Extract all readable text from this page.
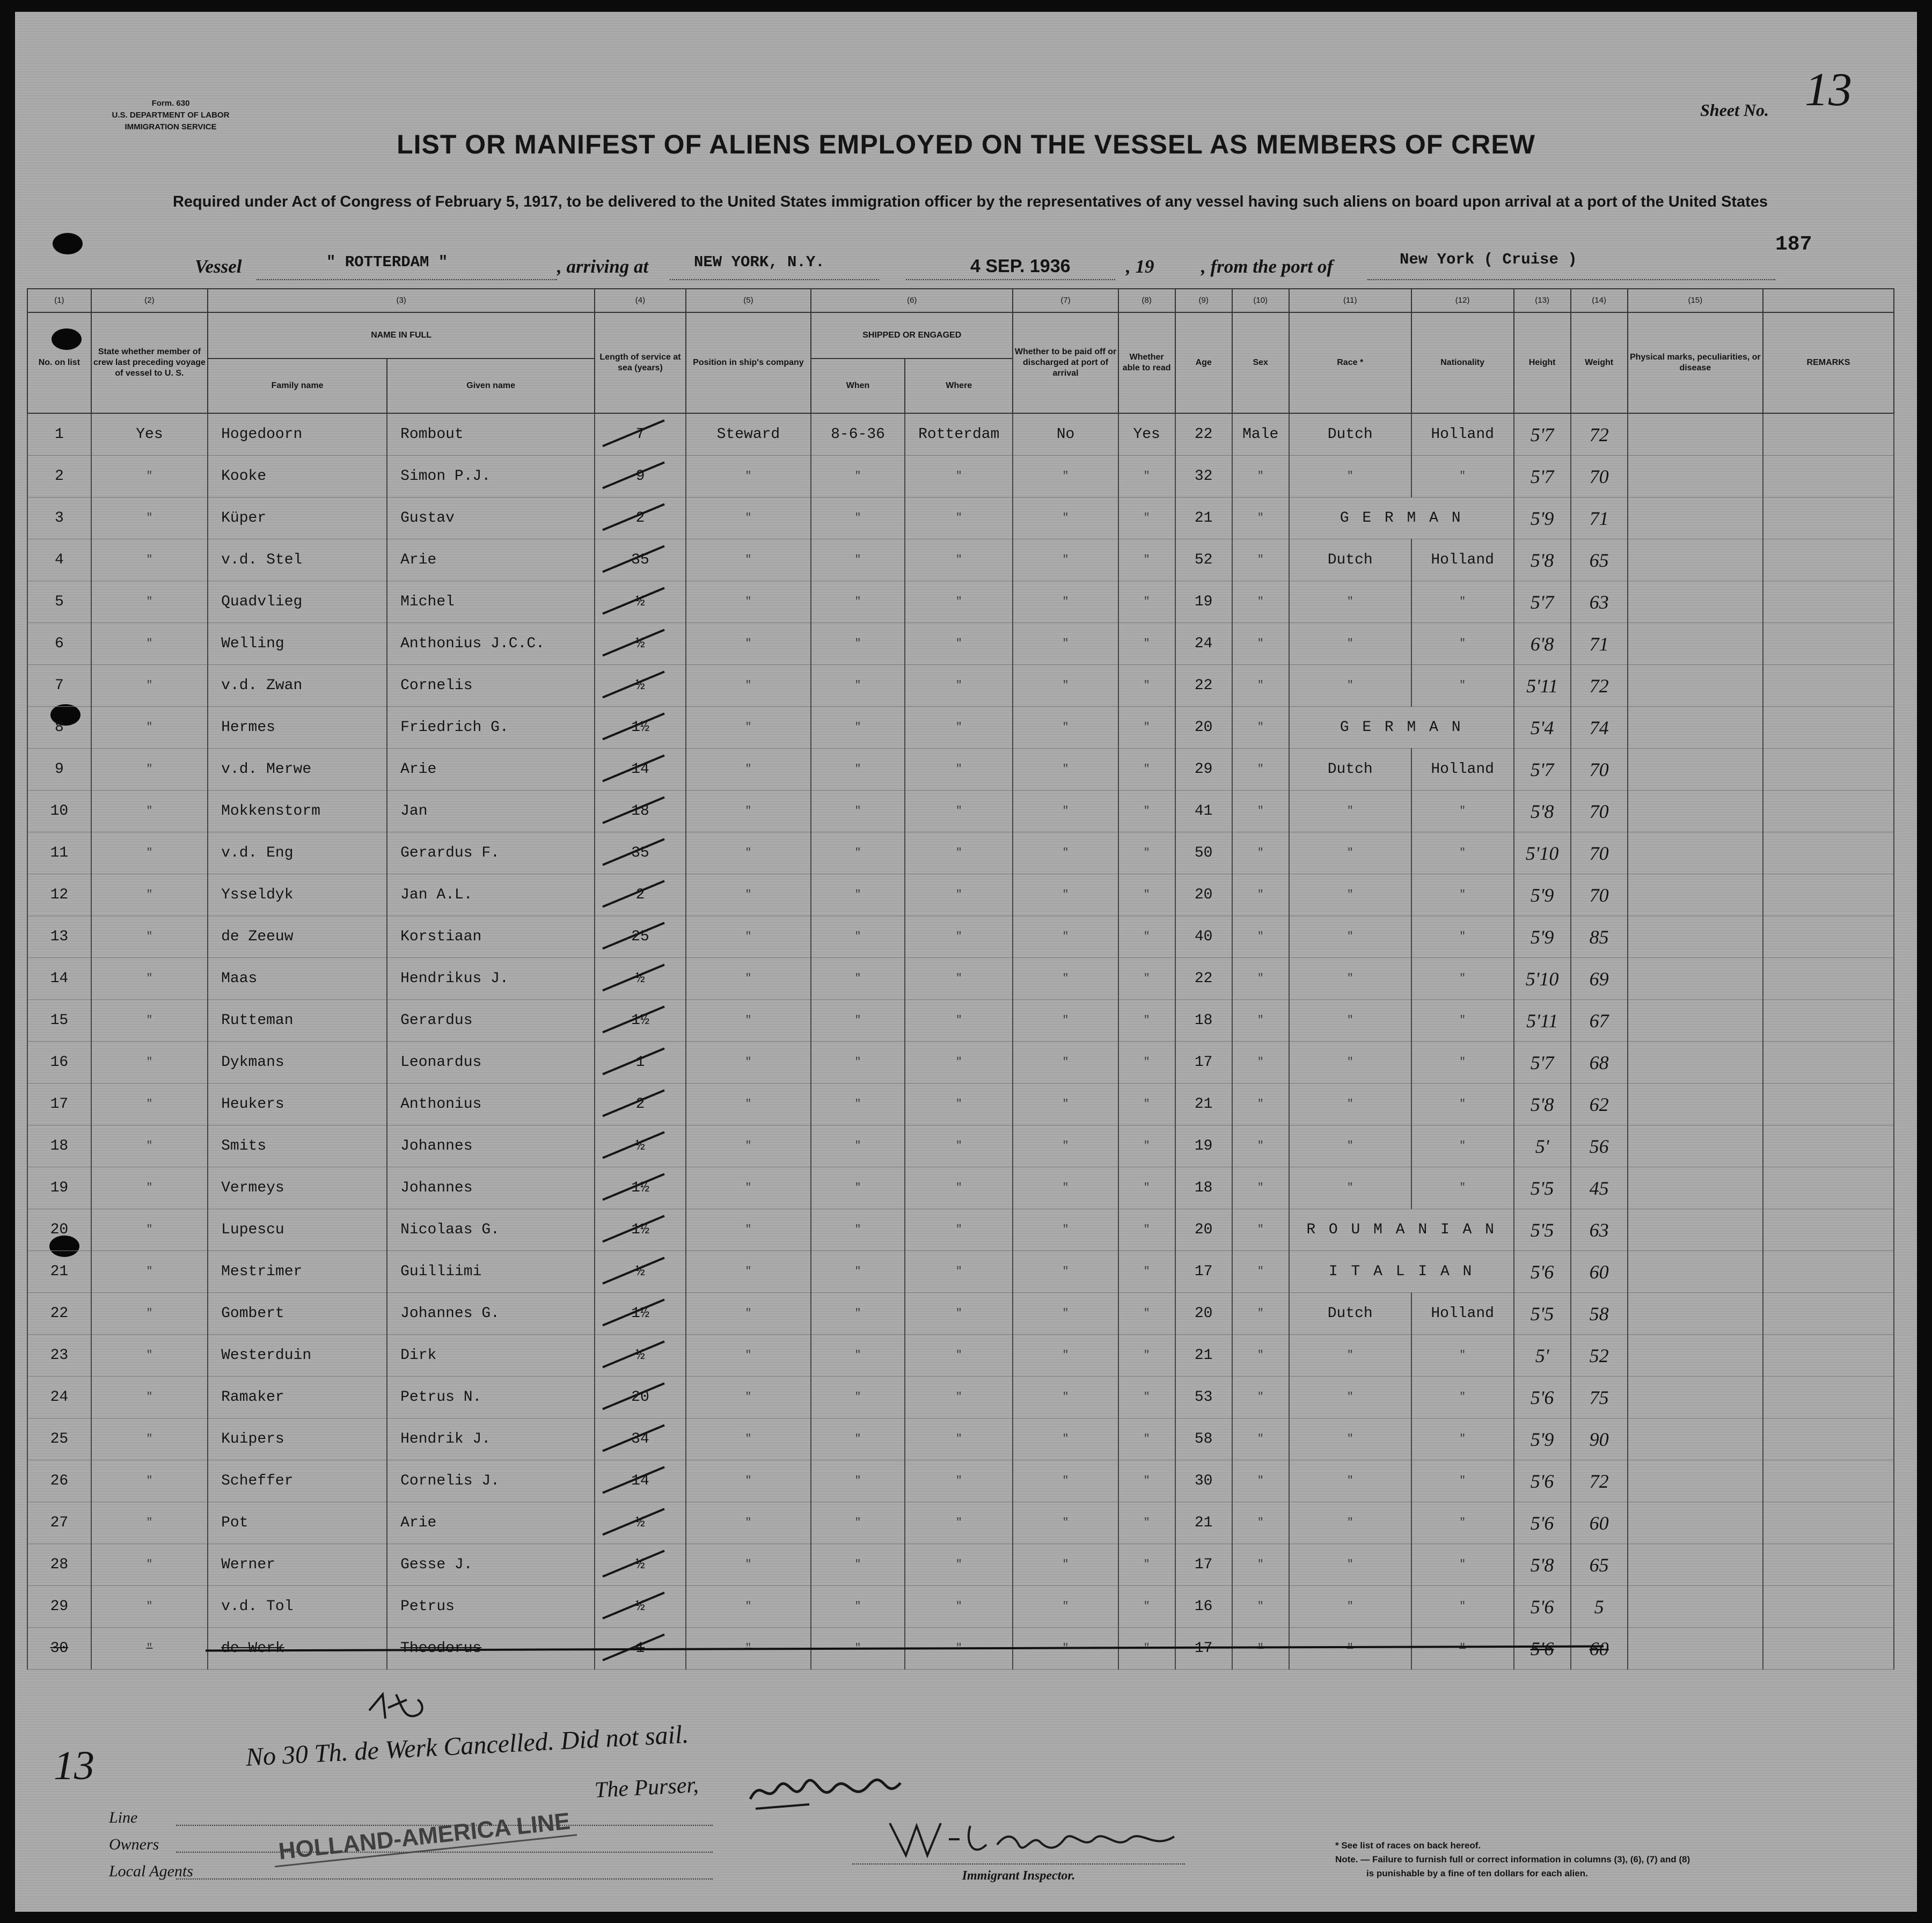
Form. 630
U.S. DEPARTMENT OF LABOR
IMMIGRATION SERVICE
Sheet No. 13
LIST OR MANIFEST OF ALIENS EMPLOYED ON THE VESSEL AS MEMBERS OF CREW
Required under Act of Congress of February 5, 1917, to be delivered to the United States immigration officer by the representatives of any vessel having such aliens on board upon arrival at a port of the United States
187
Vessel	" ROTTERDAM "	, arriving at	NEW YORK, N.Y.	4 SEP. 1936	, 19	, from the port of	New York ( Cruise )
(1)	(2)	(3)		(4)	(5)	(6)		(7)	(8)	(9)	(10)	(11)	(12)	(13)	(14)	(15)	
No. on list	State whether member of crew last preceding voyage of vessel to U. S.	NAME IN FULL		Length of service at sea (years)	Position in ship's company	SHIPPED OR ENGAGED		Whether to be paid off or discharged at port of arrival	Whether able to read	Age	Sex	Race *	Nationality	Height	Weight	Physical marks, peculiarities, or disease	REMARKS
		Family name	Given name			When	Where										
1	Yes	Hogedoorn	Rombout	7	Steward	8-6-36	Rotterdam	No	Yes	22	Male	Dutch	Holland	5'7	72		
2	"	Kooke	Simon P.J.	9	"	"	"	"	"	32	"	"	"	5'7	70		
3	"	Küper	Gustav	2	"	"	"	"	"	21	"	G E R M A N		5'9	71		
4	"	v.d. Stel	Arie	35	"	"	"	"	"	52	"	Dutch	Holland	5'8	65		
5	"	Quadvlieg	Michel	½	"	"	"	"	"	19	"	"	"	5'7	63		
6	"	Welling	Anthonius J.C.C.	½	"	"	"	"	"	24	"	"	"	6'8	71		
7	"	v.d. Zwan	Cornelis	½	"	"	"	"	"	22	"	"	"	5'11	72		
8	"	Hermes	Friedrich G.	1½	"	"	"	"	"	20	"	G E R M A N		5'4	74		
9	"	v.d. Merwe	Arie	14	"	"	"	"	"	29	"	Dutch	Holland	5'7	70		
10	"	Mokkenstorm	Jan	18	"	"	"	"	"	41	"	"	"	5'8	70		
11	"	v.d. Eng	Gerardus F.	35	"	"	"	"	"	50	"	"	"	5'10	70		
12	"	Ysseldyk	Jan A.L.	2	"	"	"	"	"	20	"	"	"	5'9	70		
13	"	de Zeeuw	Korstiaan	25	"	"	"	"	"	40	"	"	"	5'9	85		
14	"	Maas	Hendrikus J.	½	"	"	"	"	"	22	"	"	"	5'10	69		
15	"	Rutteman	Gerardus	1½	"	"	"	"	"	18	"	"	"	5'11	67		
16	"	Dykmans	Leonardus	1	"	"	"	"	"	17	"	"	"	5'7	68		
17	"	Heukers	Anthonius	2	"	"	"	"	"	21	"	"	"	5'8	62		
18	"	Smits	Johannes	½	"	"	"	"	"	19	"	"	"	5'	56		
19	"	Vermeys	Johannes	1½	"	"	"	"	"	18	"	"	"	5'5	45		
20	"	Lupescu	Nicolaas G.	1½	"	"	"	"	"	20	"	R O U M A N I A N		5'5	63		
21	"	Mestrimer	Guilliimi	½	"	"	"	"	"	17	"	I T A L I A N		5'6	60		
22	"	Gombert	Johannes G.	1½	"	"	"	"	"	20	"	Dutch	Holland	5'5	58		
23	"	Westerduin	Dirk	½	"	"	"	"	"	21	"	"	"	5'	52		
24	"	Ramaker	Petrus N.	20	"	"	"	"	"	53	"	"	"	5'6	75		
25	"	Kuipers	Hendrik J.	34	"	"	"	"	"	58	"	"	"	5'9	90		
26	"	Scheffer	Cornelis J.	14	"	"	"	"	"	30	"	"	"	5'6	72		
27	"	Pot	Arie	½	"	"	"	"	"	21	"	"	"	5'6	60		
28	"	Werner	Gesse J.	½	"	"	"	"	"	17	"	"	"	5'8	65		
29	"	v.d. Tol	Petrus	½	"	"	"	"	"	16	"	"	"	5'6	5		
30	"	de Werk	Theodorus								"	"	"	5'6	60		
13	No 30 Th. de Werk Cancelled. Did not sail.
The Purser,
Line
Owners
Local Agents
HOLLAND-AMERICA LINE
Immigrant Inspector.
* See list of races on back hereof.
Note. — Failure to furnish full or correct information in columns (3), (6), (7) and (8)
is punishable by a fine of ten dollars for each alien.
